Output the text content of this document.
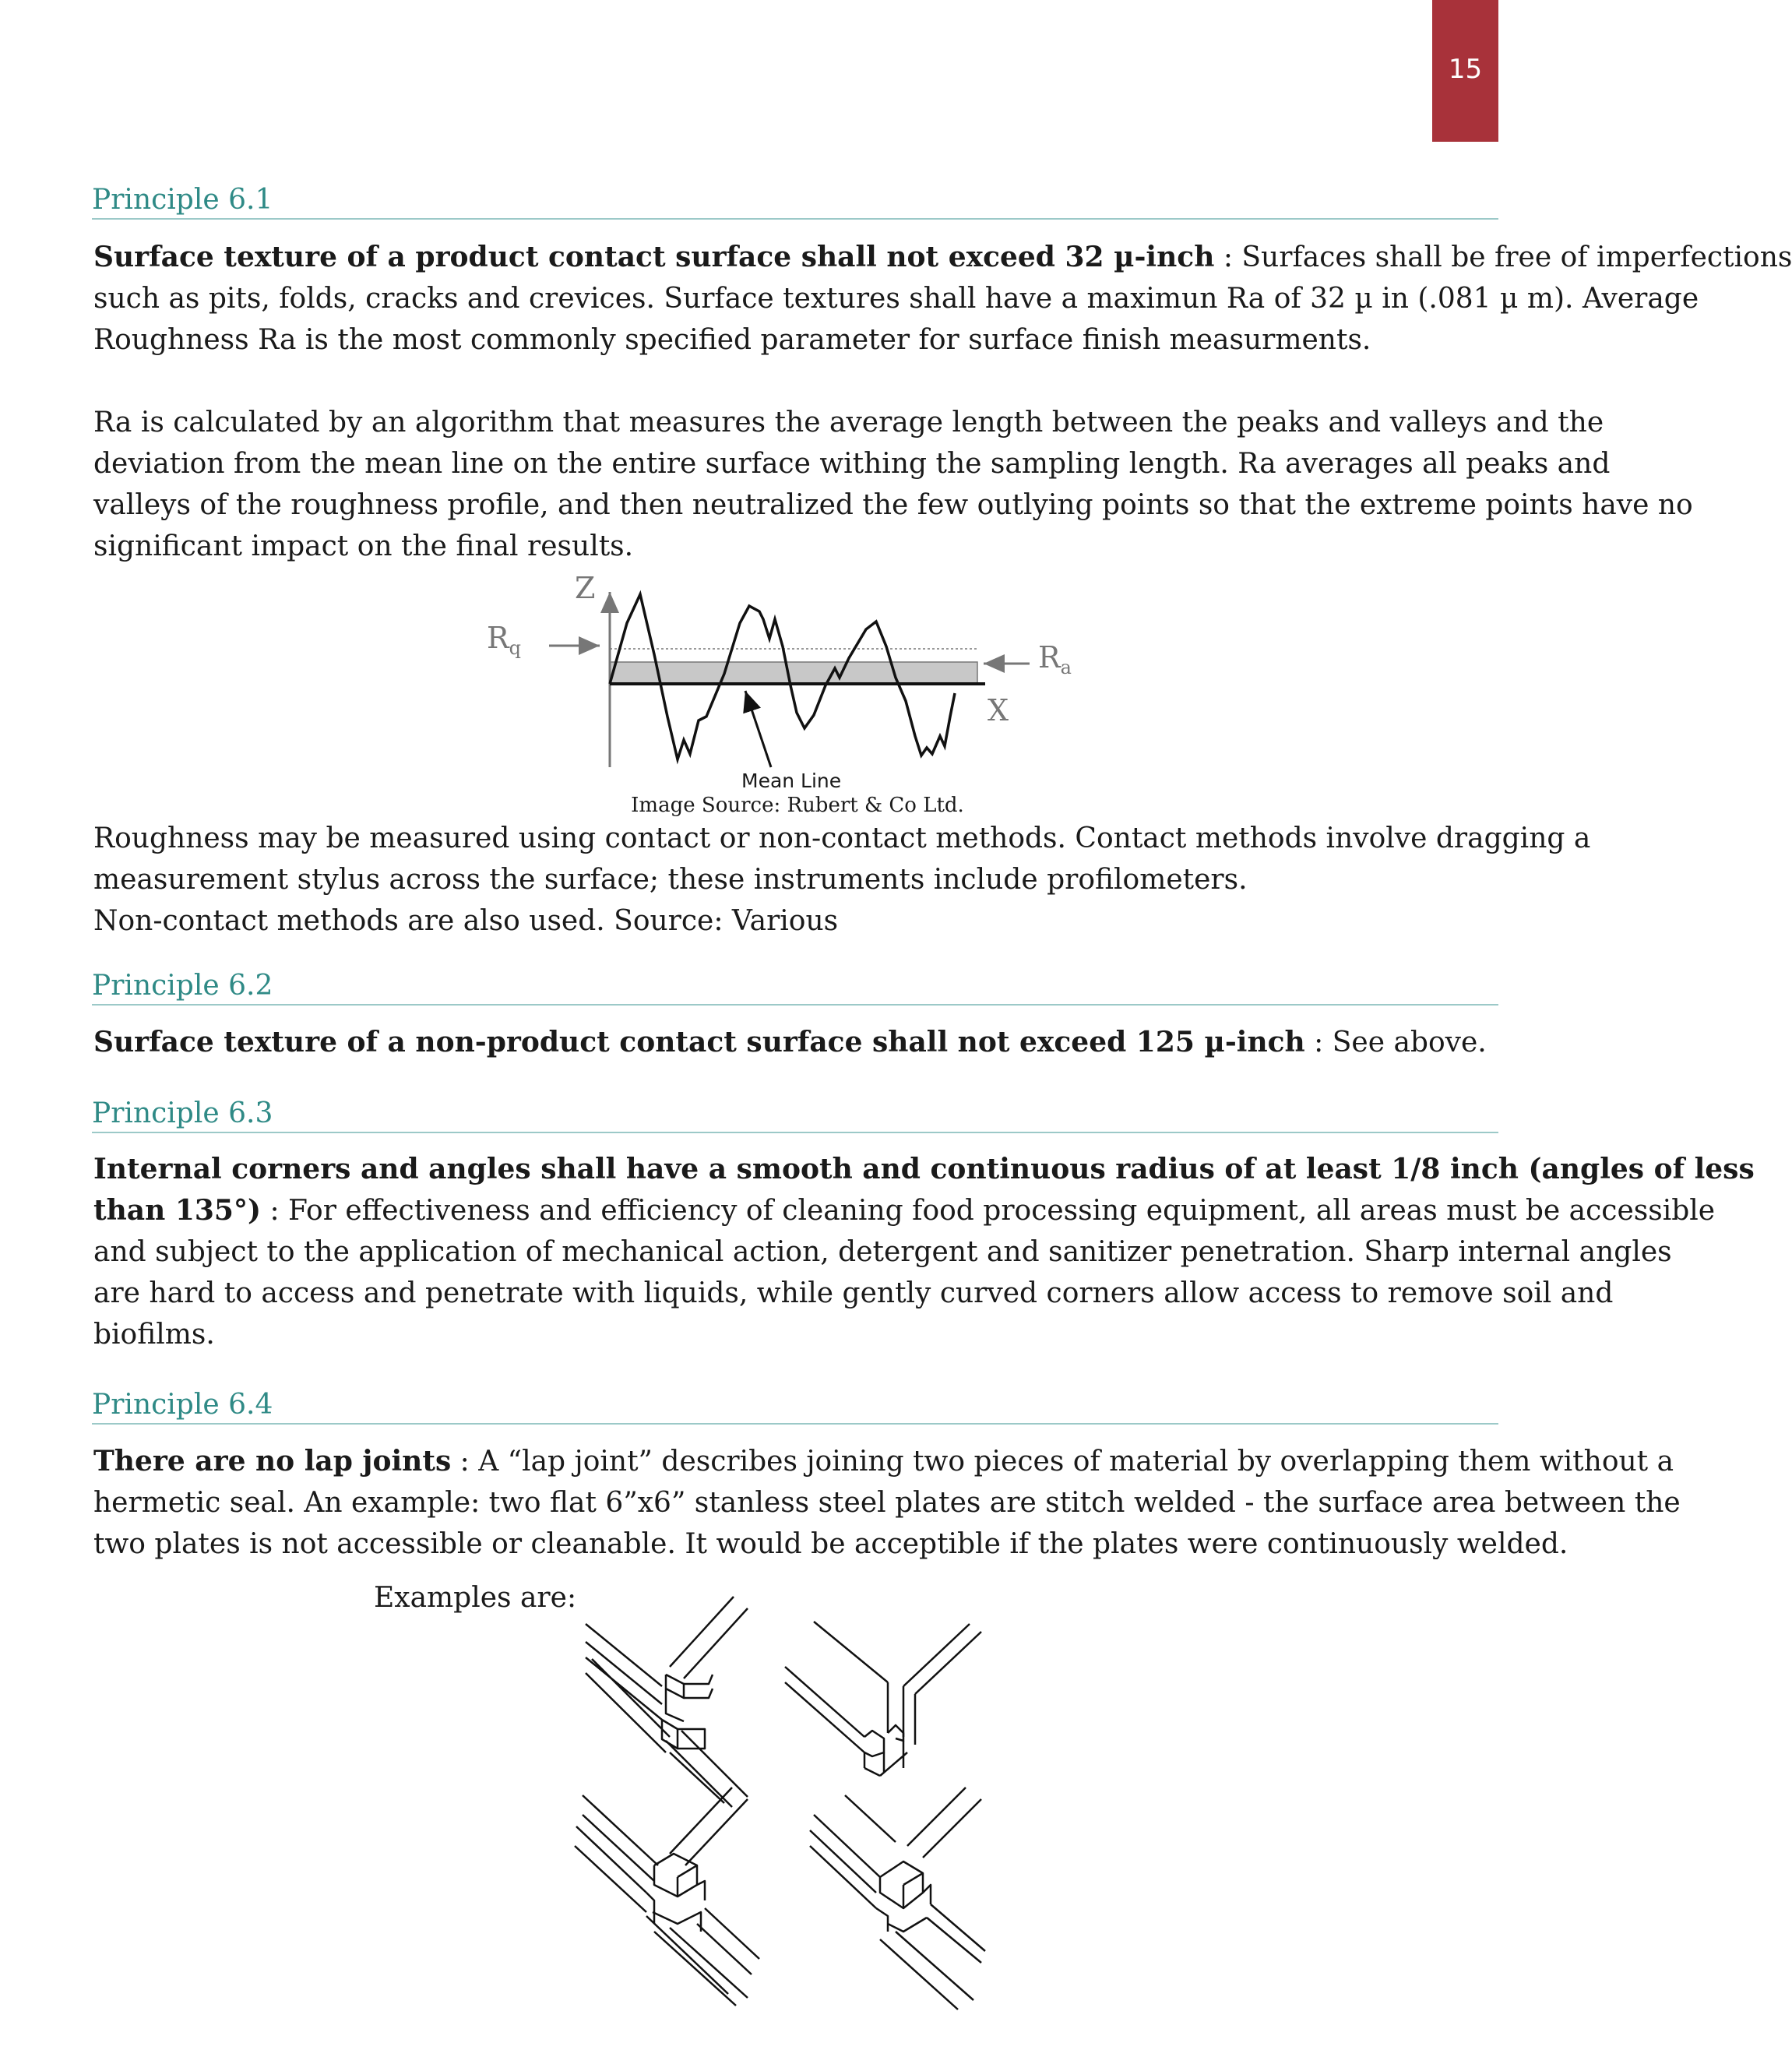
15
Principle 6.1

Surface texture of a product contact surface shall not exceed 32 µ-inch : Surfaces shall be free of imperfections
such as pits, folds, cracks and crevices. Surface textures shall have a maximun Ra of 32 µ in (.081 µ m). Average
Roughness Ra is the most commonly specified parameter for surface finish measurments.

Ra is calculated by an algorithm that measures the average length between the peaks and valleys and the
deviation from the mean line on the entire surface withing the sampling length. Ra averages all peaks and
valleys of the roughness profile, and then neutralized the few outlying points so that the extreme points have no
significant impact on the final results.

Z
X
$R_q$	$R_a$
Mean Line
Image Source: Rubert & Co Ltd.

Roughness may be measured using contact or non-contact methods. Contact methods involve dragging a
measurement stylus across the surface; these instruments include profilometers.
Non-contact methods are also used. Source: Various

Principle 6.2

Surface texture of a non-product contact surface shall not exceed 125 µ-inch : See above.

Principle 6.3

Internal corners and angles shall have a smooth and continuous radius of at least 1/8 inch (angles of less
than 135°) : For effectiveness and efficiency of cleaning food processing equipment, all areas must be accessible
and subject to the application of mechanical action, detergent and sanitizer penetration. Sharp internal angles
are hard to access and penetrate with liquids, while gently curved corners allow access to remove soil and
biofilms.

Principle 6.4

There are no lap joints : A “lap joint” describes joining two pieces of material by overlapping them without a
hermetic seal. An example: two flat 6”x6” stanless steel plates are stitch welded - the surface area between the
two plates is not accessible or cleanable. It would be acceptible if the plates were continuously welded.

Examples are:
